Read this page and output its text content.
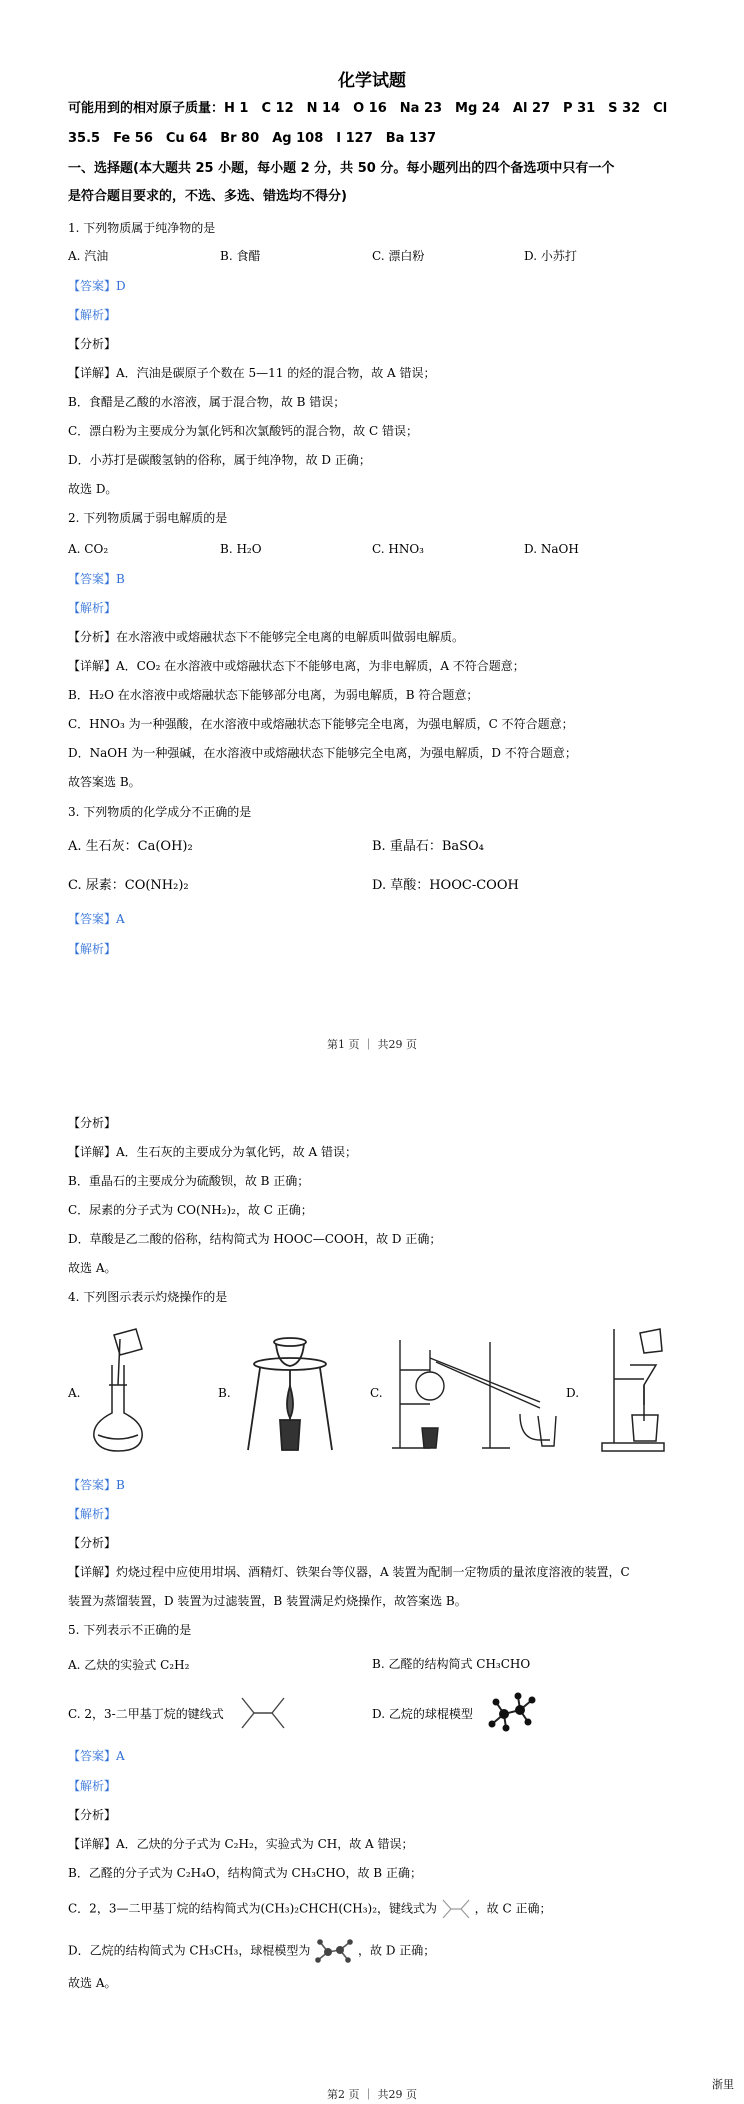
化学试题
可能用到的相对原子质量：H 1　C 12　N 14　O 16　Na 23　Mg 24　Al 27　P 31　S 32　Cl
35.5　Fe 56　Cu 64　Br 80　Ag 108　I 127　Ba 137
一、选择题(本大题共 25 小题，每小题 2 分，共 50 分。每小题列出的四个备选项中只有一个
是符合题目要求的，不选、多选、错选均不得分)
1. 下列物质属于纯净物的是
A. 汽油	B. 食醋	C. 漂白粉	D. 小苏打
【答案】D
【解析】
【分析】
【详解】A．汽油是碳原子个数在 5—11 的烃的混合物，故 A 错误；
B．食醋是乙酸的水溶液，属于混合物，故 B 错误；
C．漂白粉为主要成分为氯化钙和次氯酸钙的混合物，故 C 错误；
D．小苏打是碳酸氢钠的俗称，属于纯净物，故 D 正确；
故选 D。
2. 下列物质属于弱电解质的是
A. CO₂	B. H₂O	C. HNO₃	D. NaOH
【答案】B
【解析】
【分析】在水溶液中或熔融状态下不能够完全电离的电解质叫做弱电解质。
【详解】A．CO₂ 在水溶液中或熔融状态下不能够电离，为非电解质，A 不符合题意；
B．H₂O 在水溶液中或熔融状态下能够部分电离，为弱电解质，B 符合题意；
C．HNO₃ 为一种强酸，在水溶液中或熔融状态下能够完全电离，为强电解质，C 不符合题意；
D．NaOH 为一种强碱，在水溶液中或熔融状态下能够完全电离，为强电解质，D 不符合题意；
故答案选 B。
3. 下列物质的化学成分不正确的是
A. 生石灰：Ca(OH)₂	B. 重晶石：BaSO₄
C. 尿素：CO(NH₂)₂	D. 草酸：HOOC-COOH
【答案】A
【解析】
第1 页 ｜ 共29 页
【分析】
【详解】A．生石灰的主要成分为氧化钙，故 A 错误；
B．重晶石的主要成分为硫酸钡，故 B 正确；
C．尿素的分子式为 CO(NH₂)₂，故 C 正确；
D．草酸是乙二酸的俗称，结构简式为 HOOC—COOH，故 D 正确；
故选 A。
4. 下列图示表示灼烧操作的是
A.	B.	C.	D.
【答案】B
【解析】
【分析】
【详解】灼烧过程中应使用坩埚、酒精灯、铁架台等仪器，A 装置为配制一定物质的量浓度溶液的装置，C
装置为蒸馏装置，D 装置为过滤装置，B 装置满足灼烧操作，故答案选 B。
5. 下列表示不正确的是
A. 乙炔的实验式 C₂H₂	B. 乙醛的结构简式 CH₃CHO
C. 2，3-二甲基丁烷的键线式	D. 乙烷的球棍模型
【答案】A
【解析】
【分析】
【详解】A．乙炔的分子式为 C₂H₂，实验式为 CH，故 A 错误；
B．乙醛的分子式为 C₂H₄O，结构简式为 CH₃CHO，故 B 正确；
C．2，3—二甲基丁烷的结构简式为(CH₃)₂CHCH(CH₃)₂，键线式为	，故 C 正确；
D．乙烷的结构简式为 CH₃CH₃，球棍模型为	，故 D 正确；
故选 A。
浙里
第2 页 ｜ 共29 页
